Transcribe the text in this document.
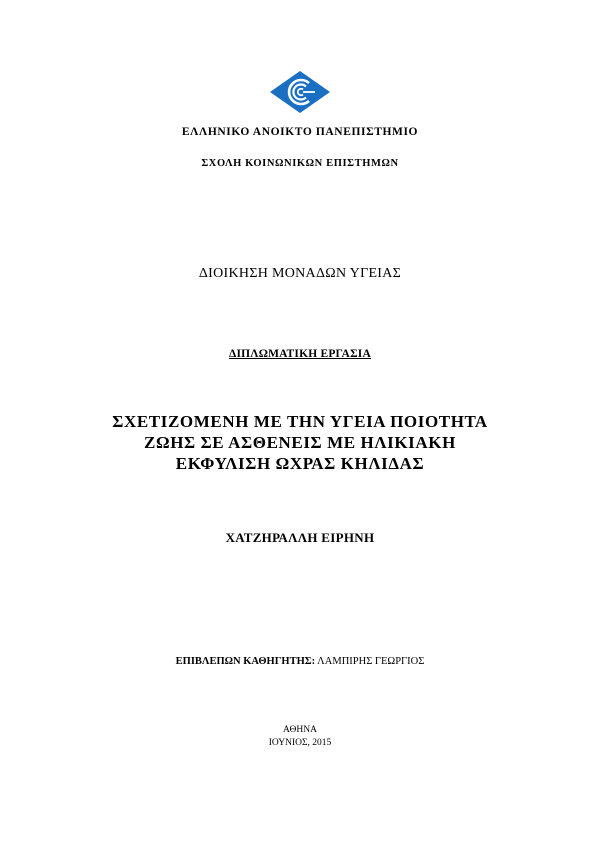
ΕΛΛΗΝΙΚΟ ΑΝΟΙΚΤΟ ΠΑΝΕΠΙΣΤΗΜΙΟ
ΣΧΟΛΗ ΚΟΙΝΩΝΙΚΩΝ ΕΠΙΣΤΗΜΩΝ
ΔΙΟΙΚΗΣΗ ΜΟΝΑΔΩΝ ΥΓΕΙΑΣ
ΔΙΠΛΩΜΑΤΙΚΗ ΕΡΓΑΣΙΑ
ΣΧΕΤΙΖΟΜΕΝΗ ΜΕ ΤΗΝ ΥΓΕΙΑ ΠΟΙΟΤΗΤΑ
ΖΩΗΣ ΣΕ ΑΣΘΕΝΕΙΣ ΜΕ ΗΛΙΚΙΑΚΗ
ΕΚΦΥΛΙΣΗ ΩΧΡΑΣ ΚΗΛΙΔΑΣ
ΧΑΤΖΗΡΑΛΛΗ ΕΙΡΗΝΗ
ΕΠΙΒΛΕΠΩΝ ΚΑΘΗΓΗΤΗΣ: ΛΑΜΠΙΡΗΣ ΓΕΩΡΓΙΟΣ
ΑΘΗΝΑ
ΙΟΥΝΙΟΣ, 2015
